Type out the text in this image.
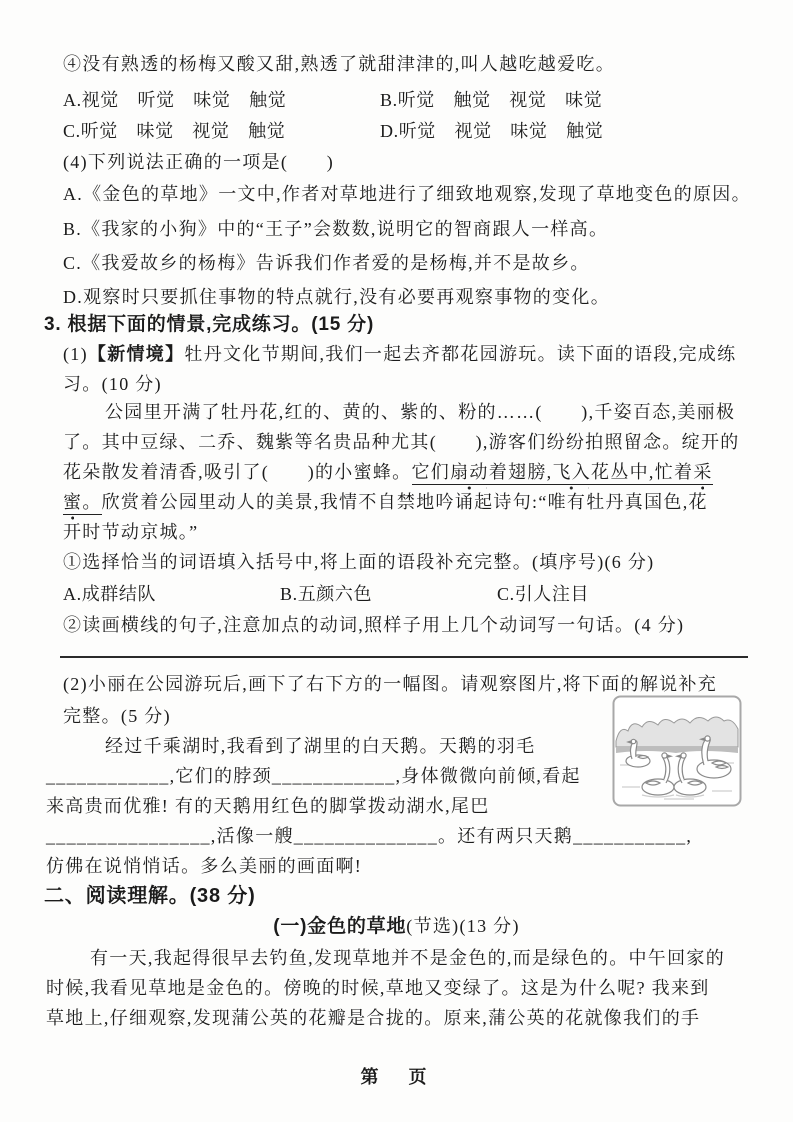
④没有熟透的杨梅又酸又甜,熟透了就甜津津的,叫人越吃越爱吃。
A.视觉　听觉　味觉　触觉	B.听觉　触觉　视觉　味觉
C.听觉　味觉　视觉　触觉	D.听觉　视觉　味觉　触觉
(4)下列说法正确的一项是(　　)
A.《金色的草地》一文中,作者对草地进行了细致地观察,发现了草地变色的原因。
B.《我家的小狗》中的“王子”会数数,说明它的智商跟人一样高。
C.《我爱故乡的杨梅》告诉我们作者爱的是杨梅,并不是故乡。
D.观察时只要抓住事物的特点就行,没有必要再观察事物的变化。
3. 根据下面的情景,完成练习。(15 分)
(1)【新情境】牡丹文化节期间,我们一起去齐都花园游玩。读下面的语段,完成练
习。(10 分)
公园里开满了牡丹花,红的、黄的、紫的、粉的……(　　),千姿百态,美丽极
了。其中豆绿、二乔、魏紫等名贵品种尤其(　　),游客们纷纷拍照留念。绽开的
花朵散发着清香,吸引了(　　)的小蜜蜂。它们扇动着翅膀,飞入花丛中,忙着采
蜜。欣赏着公园里动人的美景,我情不自禁地吟诵起诗句:“唯有牡丹真国色,花
开时节动京城。”
①选择恰当的词语填入括号中,将上面的语段补充完整。(填序号)(6 分)
A.成群结队	B.五颜六色	C.引人注目
②读画横线的句子,注意加点的动词,照样子用上几个动词写一句话。(4 分)
(2)小丽在公园游玩后,画下了右下方的一幅图。请观察图片,将下面的解说补充
完整。(5 分)
经过千乘湖时,我看到了湖里的白天鹅。天鹅的羽毛
____________,它们的脖颈____________,身体微微向前倾,看起
来高贵而优雅! 有的天鹅用红色的脚掌拨动湖水,尾巴
________________,活像一艘______________。还有两只天鹅___________,
仿佛在说悄悄话。多么美丽的画面啊!
二、阅读理解。(38 分)
(一)金色的草地(节选)(13 分)
有一天,我起得很早去钓鱼,发现草地并不是金色的,而是绿色的。中午回家的
时候,我看见草地是金色的。傍晚的时候,草地又变绿了。这是为什么呢? 我来到
草地上,仔细观察,发现蒲公英的花瓣是合拢的。原来,蒲公英的花就像我们的手
第　页
